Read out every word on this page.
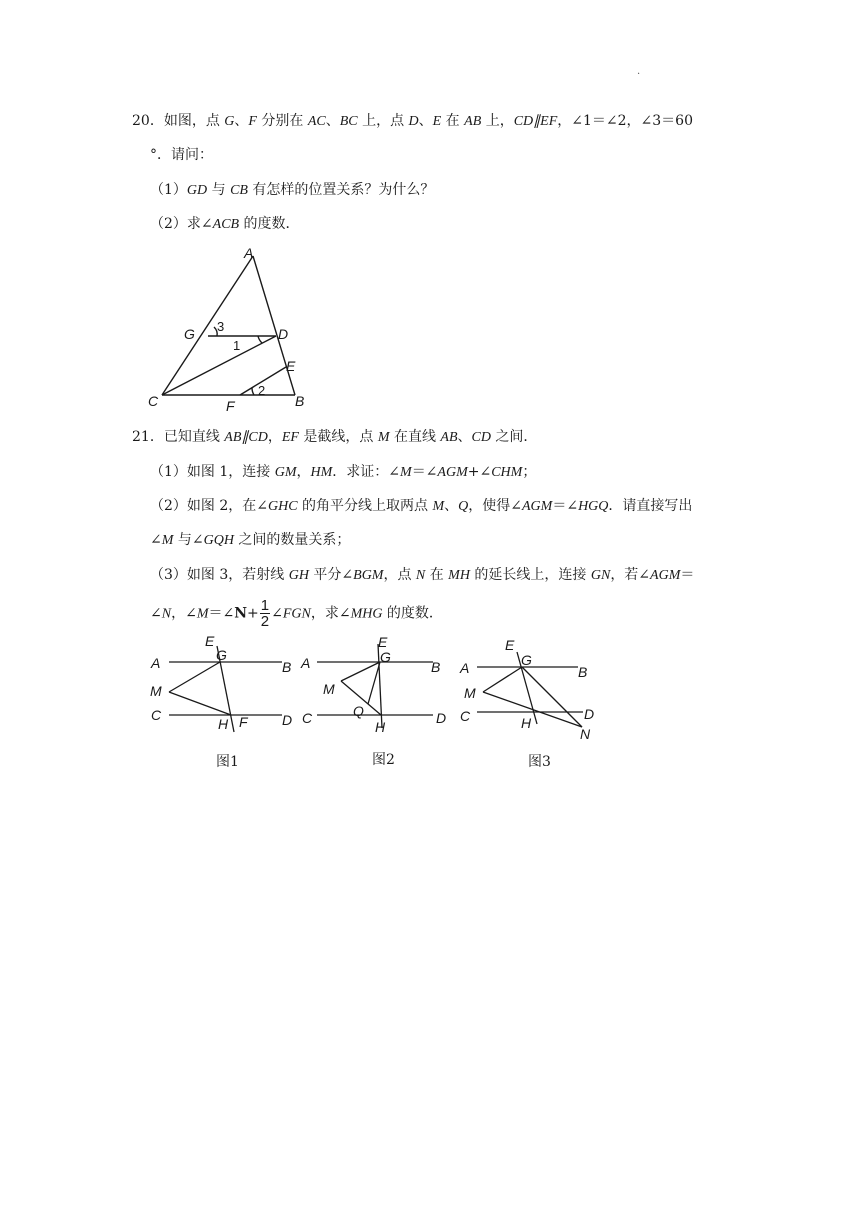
.
20．如图，点 G、F 分别在 AC、BC 上，点 D、E 在 AB 上，CD∥EF，∠1＝∠2，∠3＝60
°．请问：
（1）GD 与 CB 有怎样的位置关系？为什么？
（2）求∠ACB 的度数．
A
G	D
C	F	B
E
1
2
3
21．已知直线 AB∥CD，EF 是截线，点 M 在直线 AB、CD 之间．
（1）如图 1，连接 GM，HM．求证：∠M＝∠AGM+∠CHM；
（2）如图 2，在∠GHC 的角平分线上取两点 M、Q，使得∠AGM＝∠HGQ．请直接写出
∠M 与∠GQH 之间的数量关系；
（3）如图 3，若射线 GH 平分∠BGM，点 N 在 MH 的延长线上，连接 GN，若∠AGM＝
∠N，∠M＝∠N+ $\frac{1}{2}$ ∠FGN，求∠MHG 的度数．
E
G
A	B
M
C
H F D
图1
E
G
A	B
M
Q
C
H
D
图2
E
G
A	B
M
C	H
D
N
图3
